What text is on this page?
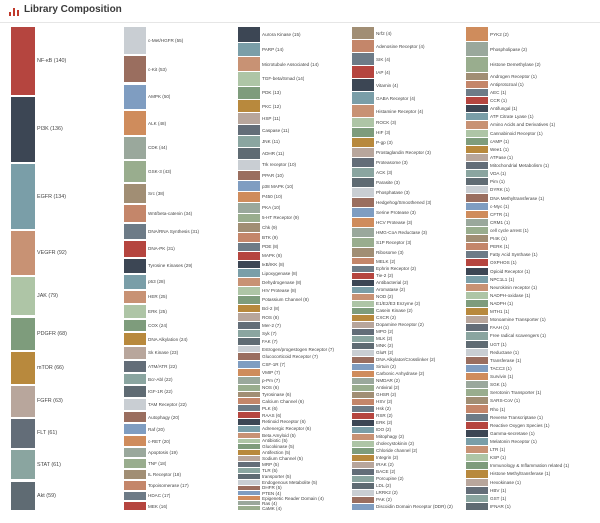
Library Composition
NF-κB (140)
PI3K (136)
EGFR (134)
VEGFR (92)
JAK (79)
PDGFR (68)
mTOR (66)
FGFR (63)
FLT (61)
STAT (61)
Akt (59)
c-Met/HGFR (55)
c-Kit (53)
AMPK (50)
ALK (48)
CDK (44)
GSK-3 (43)
Src (38)
Wnt/beta-catenin (34)
DNA/RNA Synthesis (31)
DNA-PK (31)
Tyrosine Kinases (29)
p53 (28)
HER (25)
ERK (25)
COX (24)
DNA Alkylation (24)
Sk Kinase (23)
ATM/ATR (22)
Bcr-Abl (22)
IGF-1R (22)
TAM Receptor (22)
Autophagy (20)
Raf (20)
c-RET (20)
Apoptosis (19)
TNF (18)
IL Receptor (18)
Topoisomerase (17)
HDAC (17)
MEK (16)
Aurora Kinase (15)
PARP (14)
Microtubule Associated (14)
TGF-beta/Smad (14)
PDK (13)
PKC (12)
HSP (11)
Caspase (11)
JNK (11)
ADHR (11)
Trk receptor (10)
PPAR (10)
p38 MAPK (10)
P450 (10)
PKA (10)
5-HT Receptor (9)
Chk (9)
BTK (9)
PDE (8)
MAPK (8)
IκB/IKK (8)
Lipoxygenase (8)
Dehydrogenase (8)
HIV Protease (8)
Potassium Channel (8)
Bcl-2 (8)
ROS (8)
Mer-2 (7)
Syk (7)
FAK (7)
Estrogen/progestogen Receptor (7)
Glucocorticoid Receptor (7)
CSF-1R (7)
VMIP (7)
p-Pm (7)
NOS (6)
Tyrosinase (6)
Calcium Channel (6)
PLK (6)
RAAS (6)
Retinoid Receptor (6)
Adrenergic Receptor (6)
Beta Amyloid (5)
Antibiotic (5)
Glucokinase (5)
Antifection (5)
Sodium Channel (5)
MRP (5)
TLR (5)
transporter (5)
Endogenous Metabolite (5)
DHFR (5)
PTEN (4)
Epigenetic Reader Domain (4)
Ras (4)
CaMK (4)
Nrf2 (4)
Adenosine Receptor (4)
SIK (4)
IAP (4)
Vitamin (4)
GABA Receptor (4)
Histamine Receptor (4)
ROCK (3)
HIF (3)
P-gp (3)
Prostaglandin Receptor (3)
Proteasome (3)
ACK (3)
Parasite (3)
Phosphatase (3)
Hedgehog/Smoothened (3)
Serine Protease (3)
HCV Protease (3)
HMG-CoA Reductase (3)
S1P Receptor (3)
Ribosome (3)
MELK (2)
Ephrin Receptor (2)
Tie-2 (2)
Antibacterial (2)
Aromatase (2)
NOD (2)
E1/E2/E3 Enzyme (2)
Casein Kinase (2)
CXCR (2)
Dopamine Receptor (2)
MPO (2)
MLK (2)
MNK (2)
GluR (2)
DNA Alkylator/Crosslinker (2)
Sirtuin (2)
Carbonic Anhydrase (2)
NMDAR (2)
Antiviral (2)
GHSR (2)
HSV (2)
Hsk (2)
RSR (2)
ERK (2)
IDO (2)
Mitophagy (2)
cholecystokinin (2)
Chloride channel (2)
Integrin (2)
IRAK (2)
BACE (2)
Porcupine (2)
LDL (2)
LRRK2 (2)
PAK (2)
Discoidin Domain Receptor (DDR) (2)
PYK2 (2)
Phospholipase (2)
Histone Demethylase (2)
Androgen Receptor (1)
Antiprotozoal (1)
AEC (1)
CCR (1)
Antifungal (1)
ATP Citrate Lyase (1)
Amino Acids and Derivatives (1)
Cannabinoid Receptor (1)
cAMP (1)
Wee1 (1)
ATPase (1)
Mitochondrial Metabolism (1)
VDA (1)
Pim (1)
DYRK (1)
DNA Methyltransferase (1)
c-Myc (1)
CFTR (1)
CRM1 (1)
cell cycle arrest (1)
PI4K (1)
PERK (1)
Fatty Acid Synthase (1)
OXPHOS (1)
Opioid Receptor (1)
NPC1L1 (1)
Neurokinin receptor (1)
NADPH-oxidase (1)
NADPH (1)
MTH1 (1)
Monoamine Transporter (1)
FAAH (1)
Free radical scavengers (1)
UGT (1)
Reductase (1)
Transferase (1)
TACC3 (1)
Survivin (1)
SGK (1)
Serotonin Transporter (1)
SARS-CoV (1)
Rho (1)
Reverse Transcriptase (1)
Reactive Oxygen Species (1)
Gamma-secretase (1)
Melatonin Receptor (1)
LTR (1)
KSP (1)
Immunology & Inflammation related (1)
Histone Methyltransferase (1)
Hexokinase (1)
HBV (1)
GST (1)
IFNAR (1)
